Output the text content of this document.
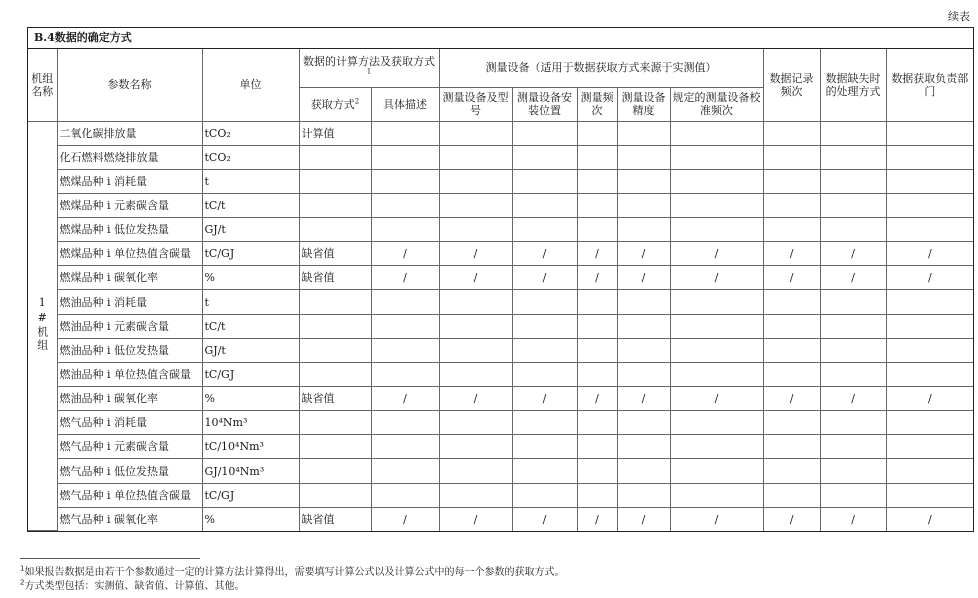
续表
B.4数据的确定方式
机组名称	参数名称	单位	数据的计算方法及获取方式$^1$		测量设备（适用于数据获取方式来源于实测值）					数据记录频次	数据缺失时的处理方式	数据获取负责部门
			获取方式$^2$	具体描述	测量设备及型号	测量设备安装位置	测量频次	测量设备精度	规定的测量设备校准频次			
1#机组	二氧化碳排放量	tCO₂	计算值									
	化石燃料燃烧排放量	tCO₂										
	燃煤品种 i 消耗量	t										
	燃煤品种 i 元素碳含量	tC/t										
	燃煤品种 i 低位发热量	GJ/t										
	燃煤品种 i 单位热值含碳量	tC/GJ	缺省值	/	/	/	/	/	/	/	/	/
	燃煤品种 i 碳氧化率	%	缺省值	/	/	/	/	/	/	/	/	/
	燃油品种 i 消耗量	t										
	燃油品种 i 元素碳含量	tC/t										
	燃油品种 i 低位发热量	GJ/t										
	燃油品种 i 单位热值含碳量	tC/GJ										
	燃油品种 i 碳氧化率	%	缺省值	/	/	/	/	/	/	/	/	/
	燃气品种 i 消耗量	10⁴Nm³										
	燃气品种 i 元素碳含量	tC/10⁴Nm³										
	燃气品种 i 低位发热量	GJ/10⁴Nm³										
	燃气品种 i 单位热值含碳量	tC/GJ										
	燃气品种 i 碳氧化率	%	缺省值	/	/	/	/	/	/	/	/	/
$^1$如果报告数据是由若干个参数通过一定的计算方法计算得出，需要填写计算公式以及计算公式中的每一个参数的获取方式。
$^2$方式类型包括：实测值、缺省值、计算值、其他。
